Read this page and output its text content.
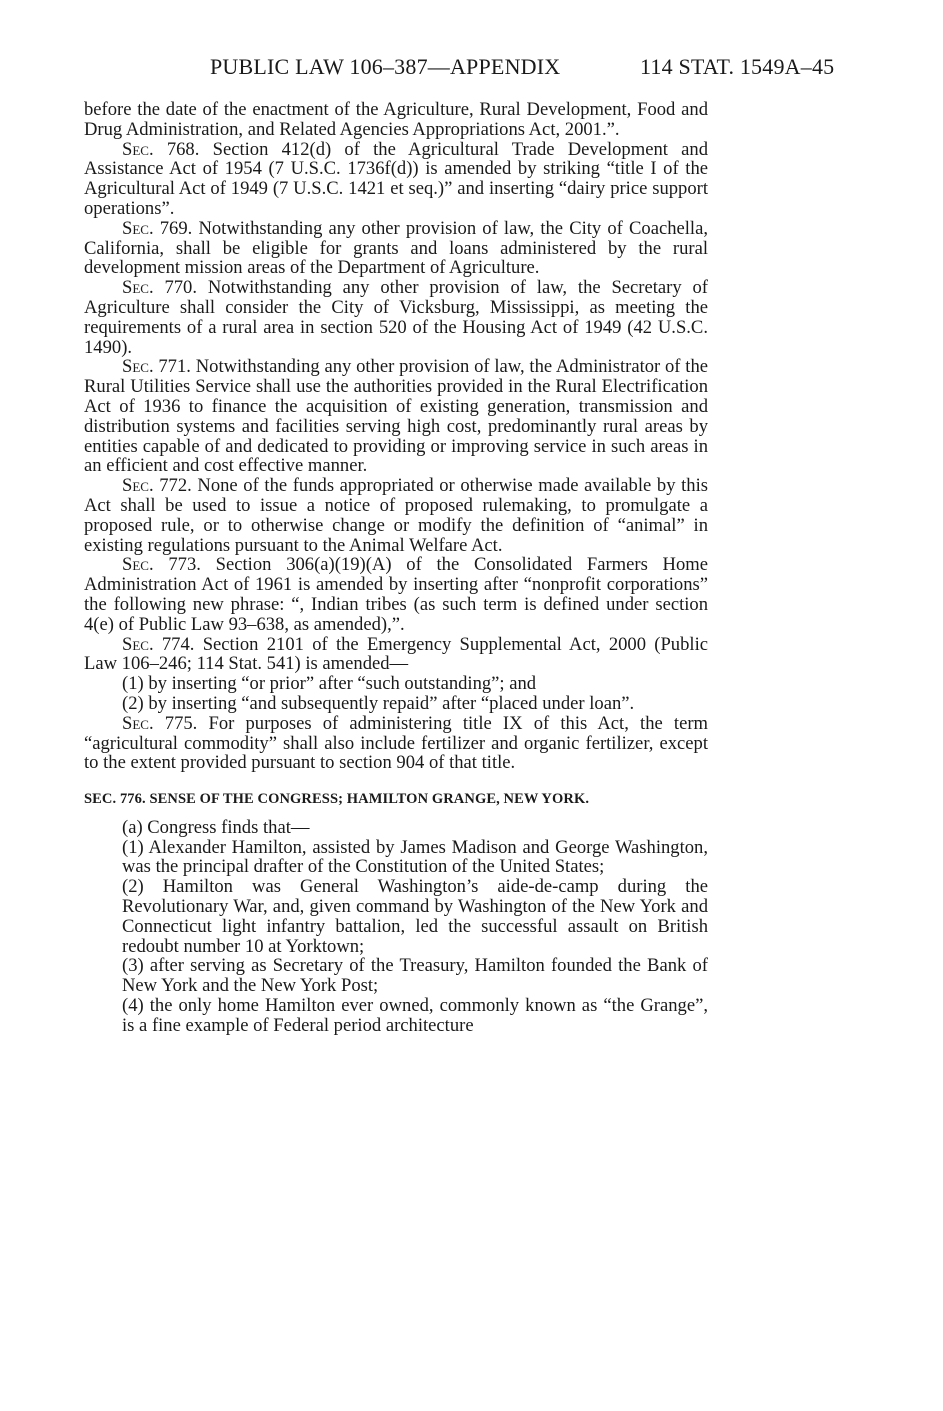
PUBLIC LAW 106–387—APPENDIX	114 STAT. 1549A–45

before the date of the enactment of the Agriculture, Rural Development, Food and Drug Administration, and Related Agencies Appropriations Act, 2001.”.

Sec. 768. Section 412(d) of the Agricultural Trade Development and Assistance Act of 1954 (7 U.S.C. 1736f(d)) is amended by striking “title I of the Agricultural Act of 1949 (7 U.S.C. 1421 et seq.)” and inserting “dairy price support operations”.

Sec. 769. Notwithstanding any other provision of law, the City of Coachella, California, shall be eligible for grants and loans administered by the rural development mission areas of the Department of Agriculture.

Sec. 770. Notwithstanding any other provision of law, the Secretary of Agriculture shall consider the City of Vicksburg, Mississippi, as meeting the requirements of a rural area in section 520 of the Housing Act of 1949 (42 U.S.C. 1490).

Sec. 771. Notwithstanding any other provision of law, the Administrator of the Rural Utilities Service shall use the authorities provided in the Rural Electrification Act of 1936 to finance the acquisition of existing generation, transmission and distribution systems and facilities serving high cost, predominantly rural areas by entities capable of and dedicated to providing or improving service in such areas in an efficient and cost effective manner.

Sec. 772. None of the funds appropriated or otherwise made available by this Act shall be used to issue a notice of proposed rulemaking, to promulgate a proposed rule, or to otherwise change or modify the definition of “animal” in existing regulations pursuant to the Animal Welfare Act.

Sec. 773. Section 306(a)(19)(A) of the Consolidated Farmers Home Administration Act of 1961 is amended by inserting after “nonprofit corporations” the following new phrase: “, Indian tribes (as such term is defined under section 4(e) of Public Law 93–638, as amended),”.

Sec. 774. Section 2101 of the Emergency Supplemental Act, 2000 (Public Law 106–246; 114 Stat. 541) is amended—

(1) by inserting “or prior” after “such outstanding”; and

(2) by inserting “and subsequently repaid” after “placed under loan”.

Sec. 775. For purposes of administering title IX of this Act, the term “agricultural commodity” shall also include fertilizer and organic fertilizer, except to the extent provided pursuant to section 904 of that title.

SEC. 776. SENSE OF THE CONGRESS; HAMILTON GRANGE, NEW YORK.

(a) Congress finds that—

(1) Alexander Hamilton, assisted by James Madison and George Washington, was the principal drafter of the Constitution of the United States;

(2) Hamilton was General Washington’s aide-de-camp during the Revolutionary War, and, given command by Washington of the New York and Connecticut light infantry battalion, led the successful assault on British redoubt number 10 at Yorktown;

(3) after serving as Secretary of the Treasury, Hamilton founded the Bank of New York and the New York Post;

(4) the only home Hamilton ever owned, commonly known as “the Grange”, is a fine example of Federal period architecture
